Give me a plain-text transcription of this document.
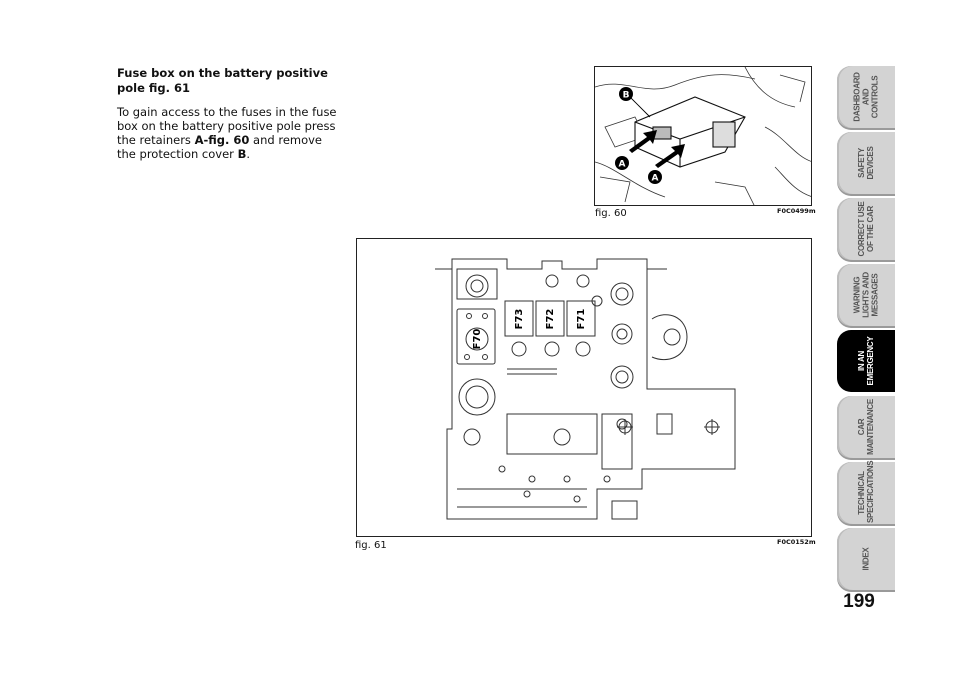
Fuse box on the battery positive pole fig. 61
To gain access to the fuses in the fuse box on the battery positive pole press the retainers A-fig. 60 and remove the protection cover B.
B
A
A
fig. 60	F0C0499m
F70
F73 F72 F71
fig. 61	F0C0152m
DASHBOARD
AND CONTROLS
SAFETY
DEVICES
CORRECT USE
OF THE CAR
WARNING
LIGHTS AND
MESSAGES
IN AN
EMERGENCY
CAR
MAINTENANCE
TECHNICAL
SPECIFICATIONS
INDEX
199
